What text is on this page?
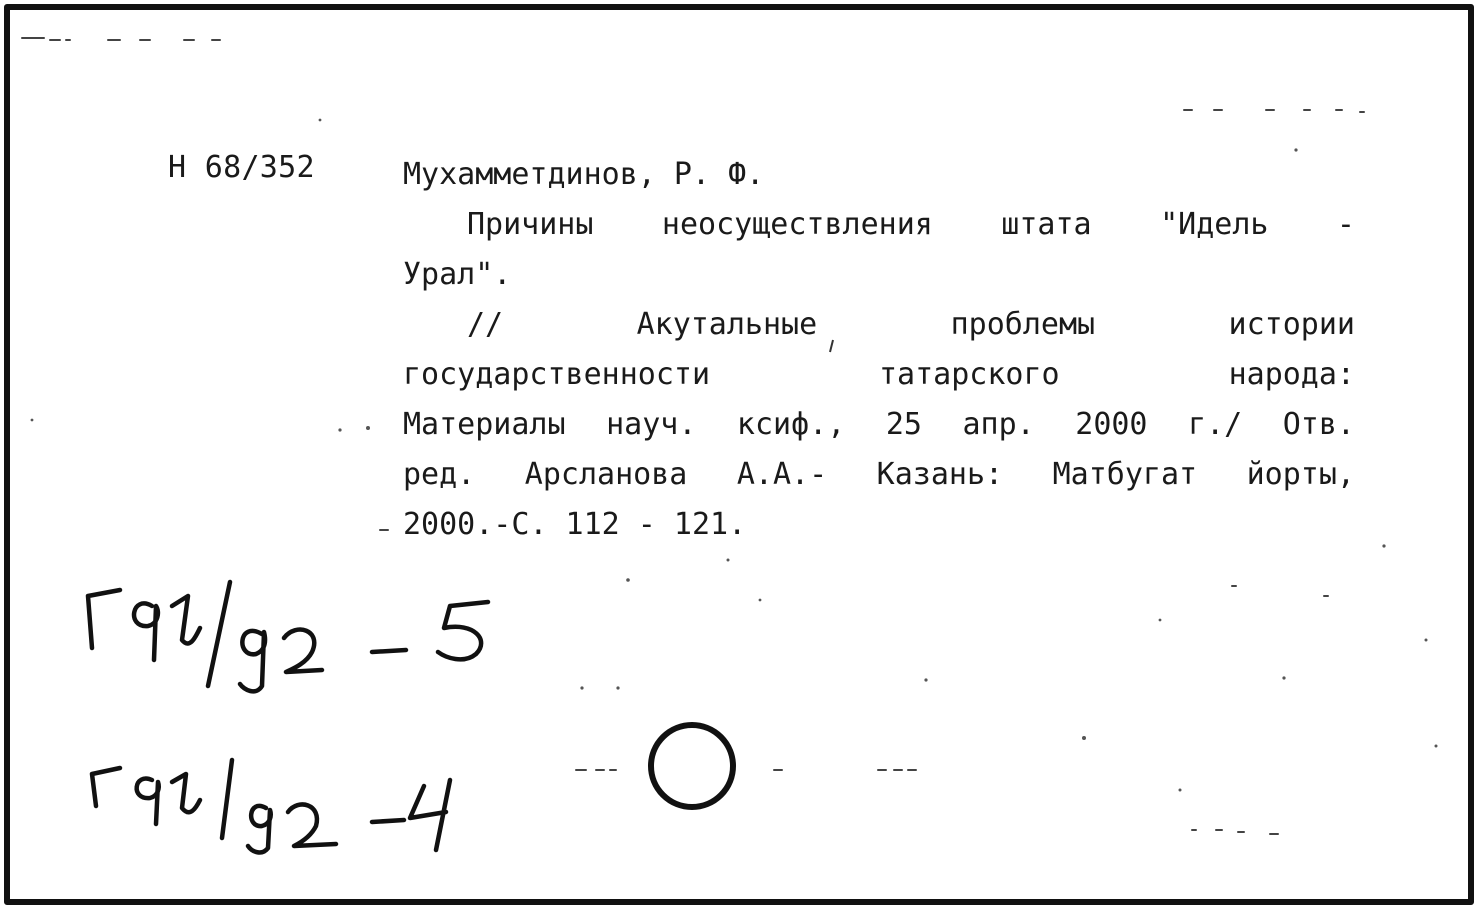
Н 68/352	Мухамметдинов, Р. Ф.
Причины неосуществления штата "Идель -
Урал".
// Акутальные проблемы истории
государственности татарского народа:
Материалы науч. ксиф., 25 апр. 2000 г./ Отв.
ред. Арсланова А.А.- Казань: Матбугат йорты,
2000.-С. 112 - 121.
